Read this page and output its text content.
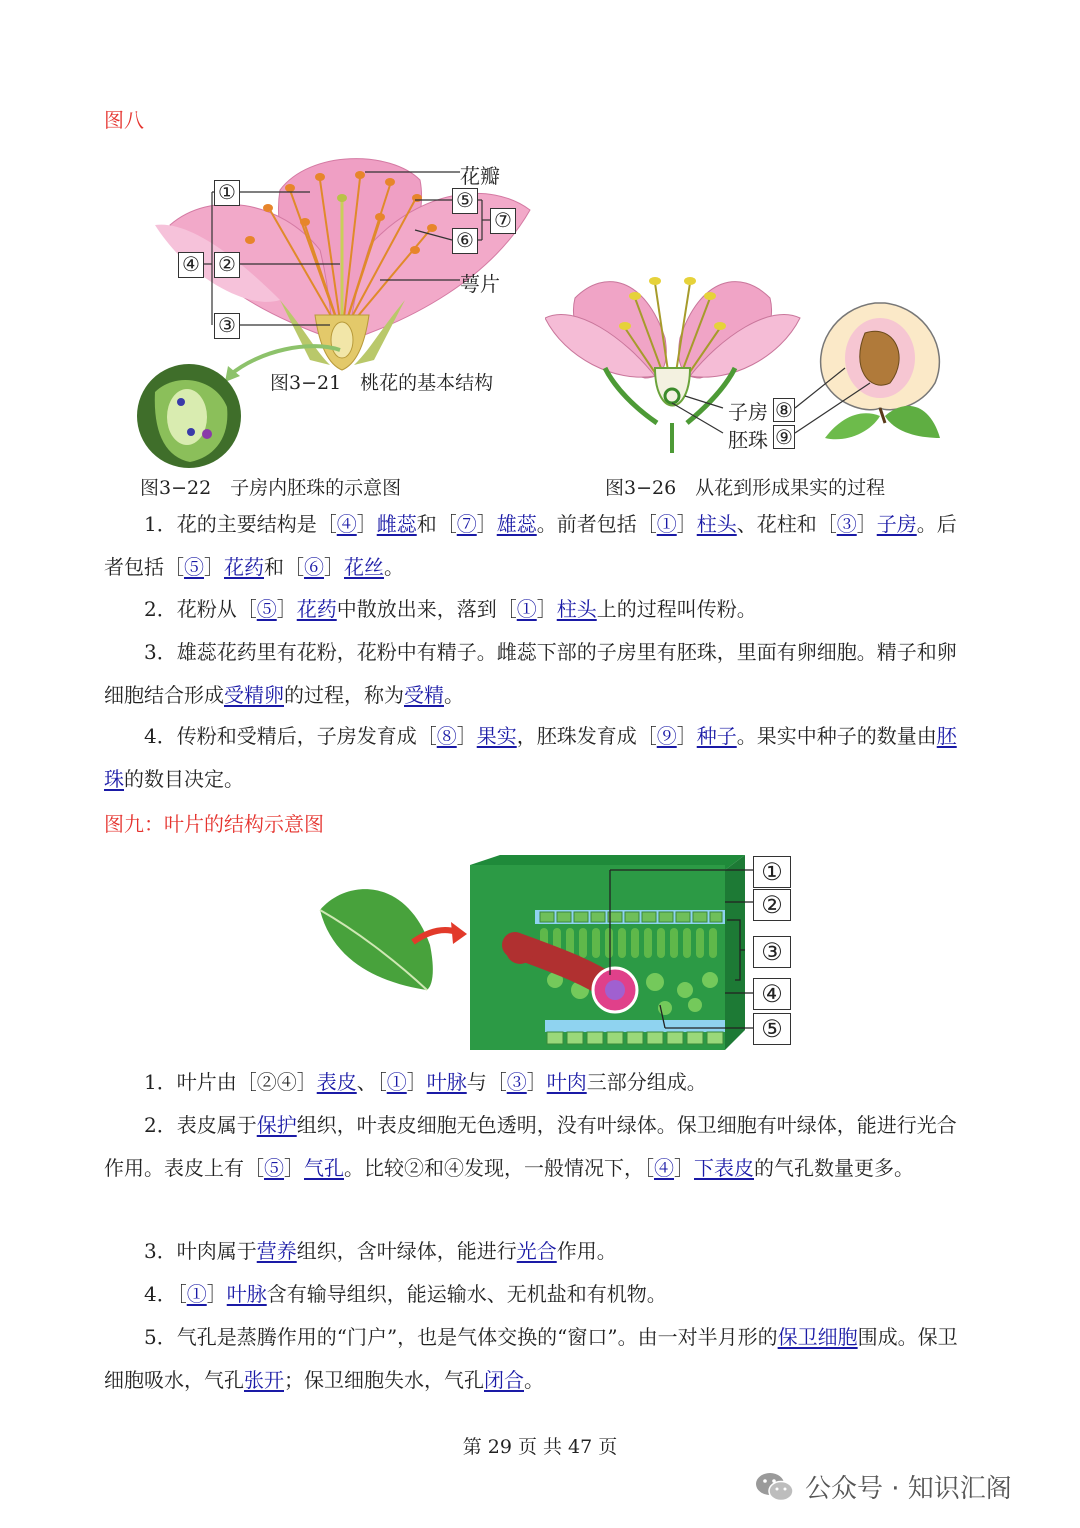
图八
花瓣
萼片
①
②
③
④
⑤
⑥
⑦
图3−21　桃花的基本结构
图3−22　子房内胚珠的示意图
子房 ⑧
胚珠 ⑨
图3−26　从花到形成果实的过程
1．花的主要结构是［④］雌蕊和［⑦］雄蕊。前者包括［①］柱头、花柱和［③］子房。后者包括［⑤］花药和［⑥］花丝。
2．花粉从［⑤］花药中散放出来，落到［①］柱头上的过程叫传粉。
3．雄蕊花药里有花粉，花粉中有精子。雌蕊下部的子房里有胚珠，里面有卵细胞。精子和卵细胞结合形成受精卵的过程，称为受精。
4．传粉和受精后，子房发育成［⑧］果实，胚珠发育成［⑨］种子。果实中种子的数量由胚珠的数目决定。
图九：叶片的结构示意图
①
②
③
④
⑤
1．叶片由［②④］表皮、［①］叶脉与［③］叶肉三部分组成。
2．表皮属于保护组织，叶表皮细胞无色透明，没有叶绿体。保卫细胞有叶绿体，能进行光合作用。表皮上有［⑤］气孔。比较②和④发现，一般情况下，［④］下表皮的气孔数量更多。
3．叶肉属于营养组织，含叶绿体，能进行光合作用。
4．［①］叶脉含有输导组织，能运输水、无机盐和有机物。
5．气孔是蒸腾作用的“门户”，也是气体交换的“窗口”。由一对半月形的保卫细胞围成。保卫细胞吸水，气孔张开；保卫细胞失水，气孔闭合。
第 29 页 共 47 页
公众号 · 知识汇阁
